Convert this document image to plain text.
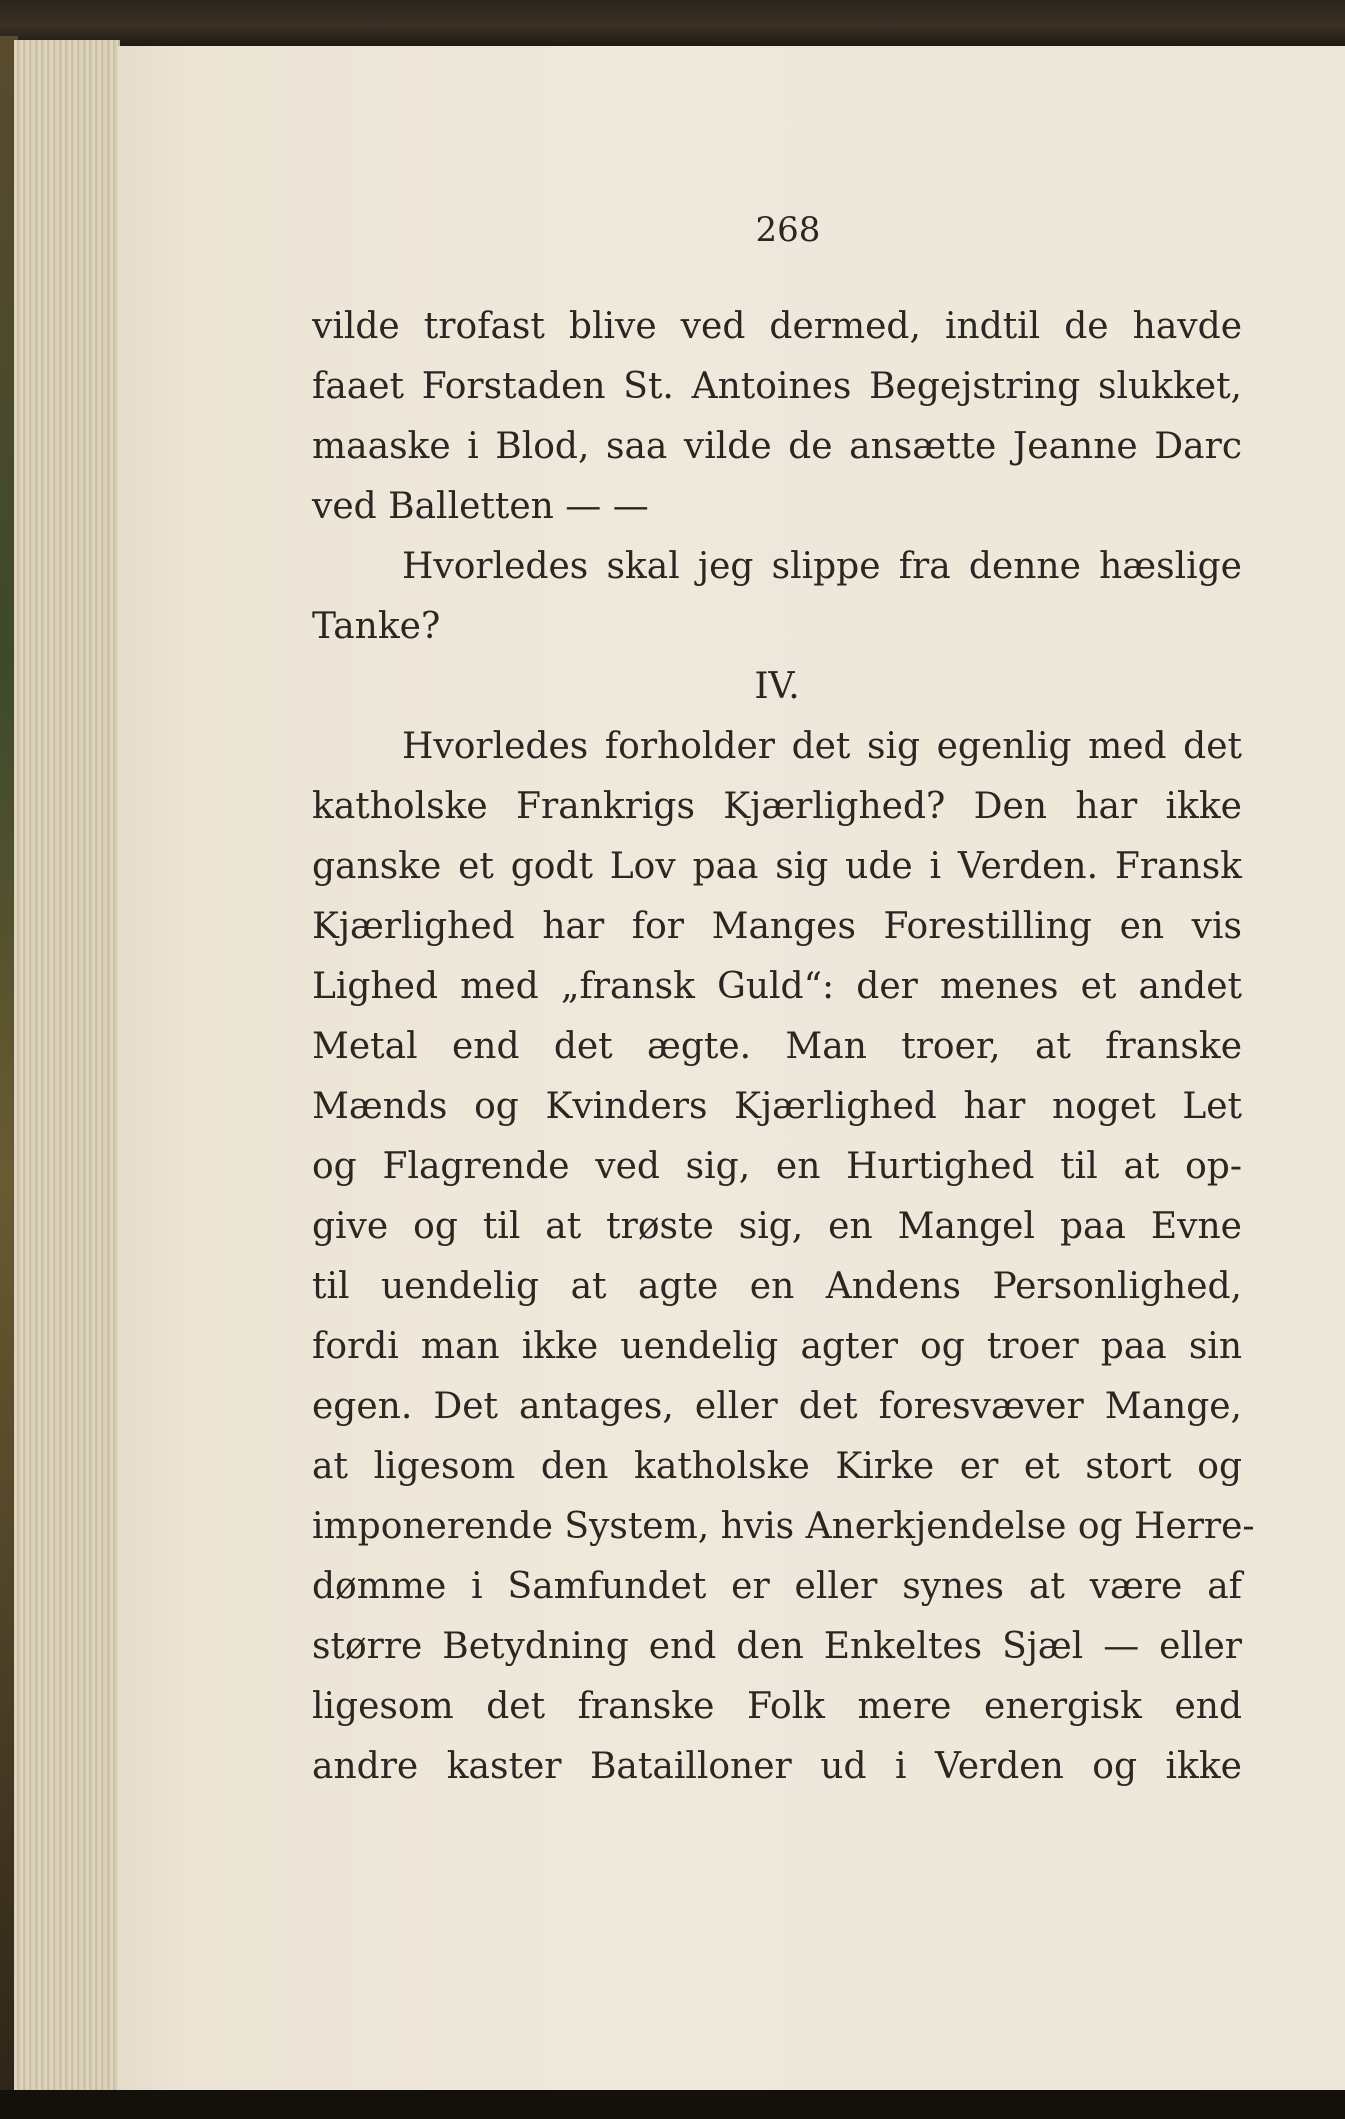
268
vilde trofast blive ved dermed, indtil de havde
faaet Forstaden St. Antoines Begejstring slukket,
maaske i Blod, saa vilde de ansætte Jeanne Darc
ved Balletten — —
Hvorledes skal jeg slippe fra denne hæslige
Tanke?
IV.
Hvorledes forholder det sig egenlig med det
katholske Frankrigs Kjærlighed? Den har ikke
ganske et godt Lov paa sig ude i Verden. Fransk
Kjærlighed har for Manges Forestilling en vis
Lighed med „fransk Guld“: der menes et andet
Metal end det ægte. Man troer, at franske
Mænds og Kvinders Kjærlighed har noget Let
og Flagrende ved sig, en Hurtighed til at op-
give og til at trøste sig, en Mangel paa Evne
til uendelig at agte en Andens Personlighed,
fordi man ikke uendelig agter og troer paa sin
egen. Det antages, eller det foresvæver Mange,
at ligesom den katholske Kirke er et stort og
imponerende System, hvis Anerkjendelse og Herre-
dømme i Samfundet er eller synes at være af
større Betydning end den Enkeltes Sjæl — eller
ligesom det franske Folk mere energisk end
andre kaster Batailloner ud i Verden og ikke
